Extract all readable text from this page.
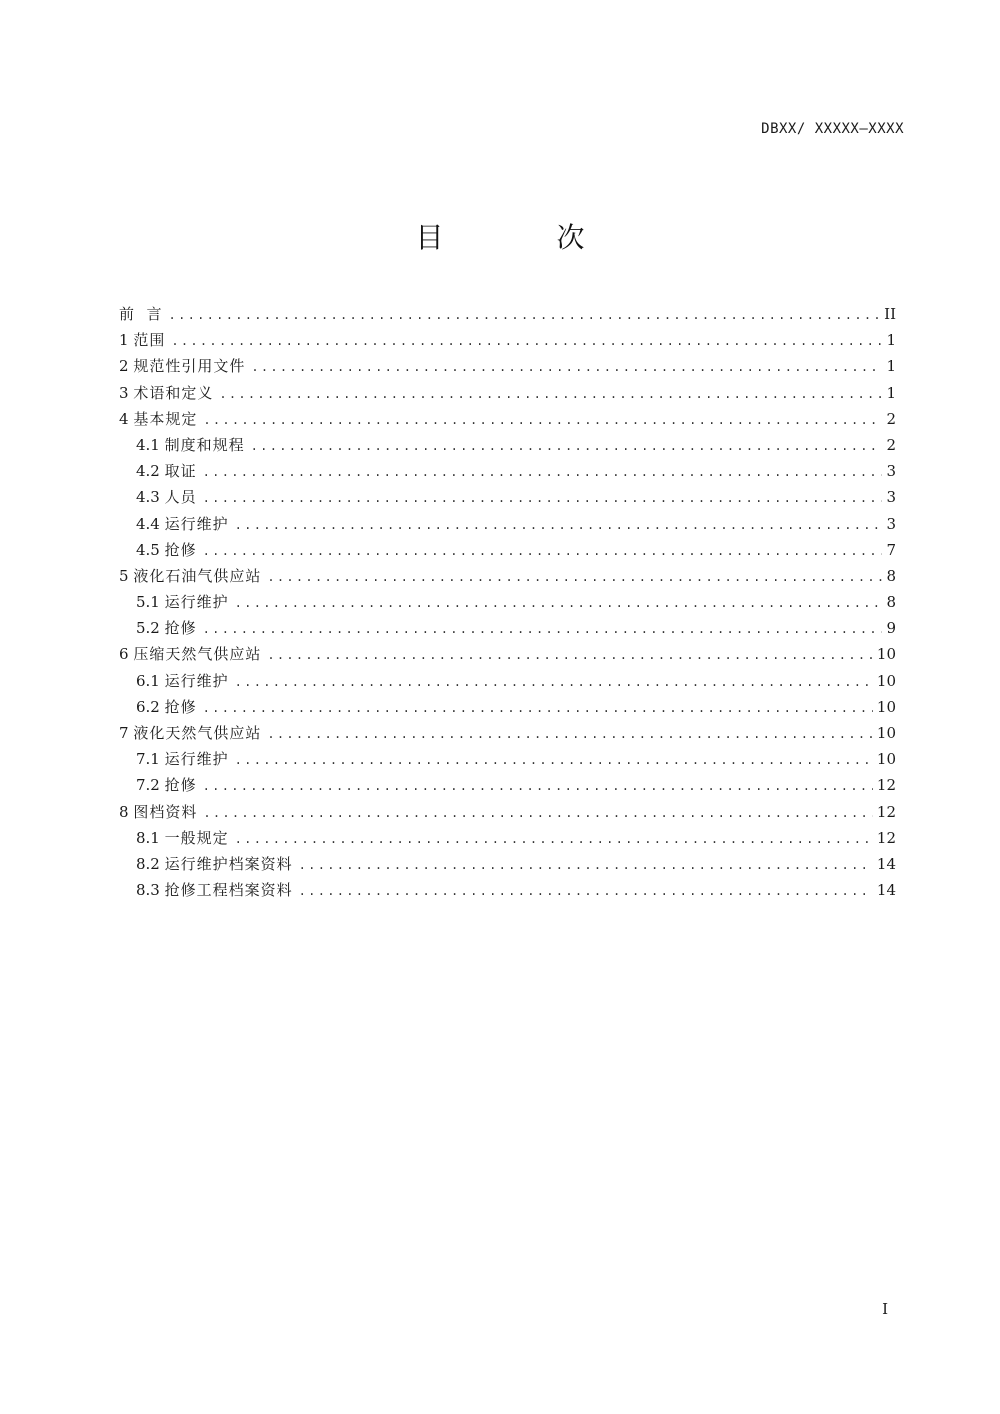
DBXX/ XXXXX—XXXX
目 次
前  言 .....	II
1 范围 .....	1
2 规范性引用文件 .....	1
3 术语和定义 .....	1
4 基本规定 .....	2
4.1 制度和规程 .....	2
4.2 取证 .....	3
4.3 人员 .....	3
4.4 运行维护 .....	3
4.5 抢修 .....	7
5 液化石油气供应站 .....	8
5.1 运行维护 .....	8
5.2 抢修 .....	9
6 压缩天然气供应站 .....	10
6.1 运行维护 .....	10
6.2 抢修 .....	10
7 液化天然气供应站 .....	10
7.1 运行维护 .....	10
7.2 抢修 .....	12
8 图档资料 .....	12
8.1 一般规定 .....	12
8.2 运行维护档案资料 .....	14
8.3 抢修工程档案资料 .....	14
I
